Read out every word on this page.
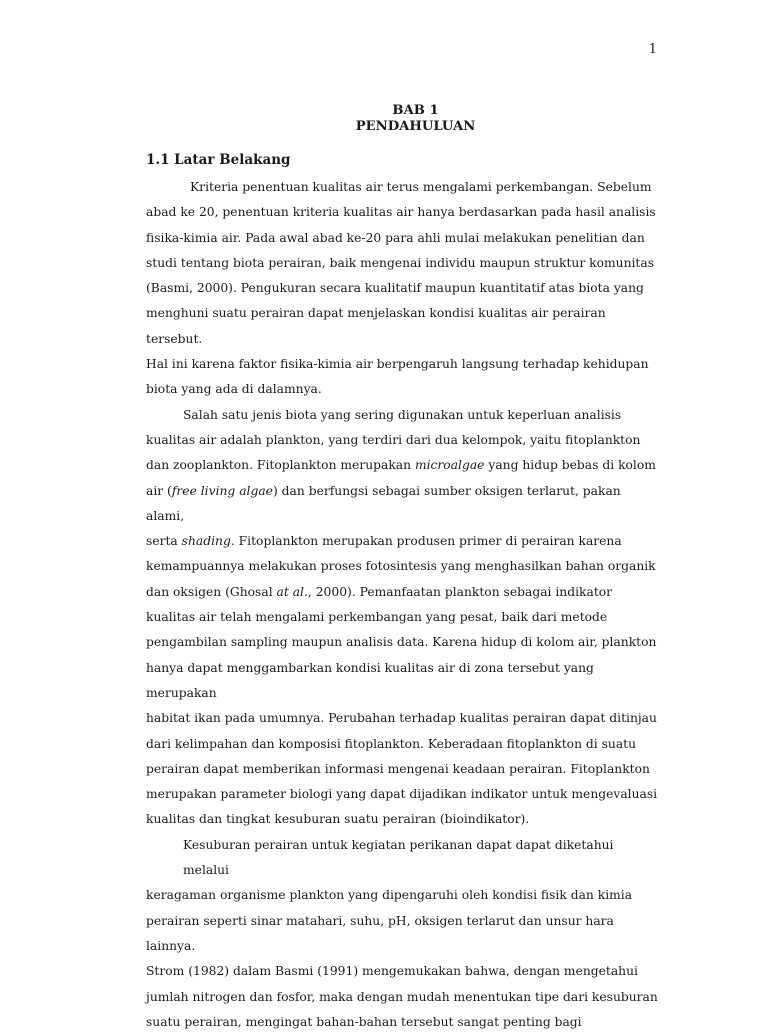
1
BAB 1
PENDAHULUAN
1.1 Latar Belakang
Kriteria penentuan kualitas air terus mengalami perkembangan. Sebelum
abad ke 20, penentuan kriteria kualitas air hanya berdasarkan pada hasil analisis
fisika-kimia air. Pada awal abad ke-20 para ahli mulai melakukan penelitian dan
studi tentang biota perairan, baik mengenai individu maupun struktur komunitas
(Basmi, 2000). Pengukuran secara kualitatif maupun kuantitatif atas biota yang
menghuni suatu perairan dapat menjelaskan kondisi kualitas air perairan tersebut.
Hal ini karena faktor fisika-kimia air berpengaruh langsung terhadap kehidupan
biota yang ada di dalamnya.
Salah satu jenis biota yang sering digunakan untuk keperluan analisis
kualitas air adalah plankton, yang terdiri dari dua kelompok, yaitu fitoplankton
dan zooplankton. Fitoplankton merupakan microalgae yang hidup bebas di kolom
air (free living algae) dan berfungsi sebagai sumber oksigen terlarut, pakan alami,
serta shading. Fitoplankton merupakan produsen primer di perairan karena
kemampuannya melakukan proses fotosintesis yang menghasilkan bahan organik
dan oksigen (Ghosal at al., 2000). Pemanfaatan plankton sebagai indikator
kualitas air telah mengalami perkembangan yang pesat, baik dari metode
pengambilan sampling maupun analisis data. Karena hidup di kolom air, plankton
hanya dapat menggambarkan kondisi kualitas air di zona tersebut yang merupakan
habitat ikan pada umumnya. Perubahan terhadap kualitas perairan dapat ditinjau
dari kelimpahan dan komposisi fitoplankton. Keberadaan fitoplankton di suatu
perairan dapat memberikan informasi mengenai keadaan perairan. Fitoplankton
merupakan parameter biologi yang dapat dijadikan indikator untuk mengevaluasi
kualitas dan tingkat kesuburan suatu perairan (bioindikator).
Kesuburan perairan untuk kegiatan perikanan dapat dapat diketahui melalui
keragaman organisme plankton yang dipengaruhi oleh kondisi fisik dan kimia
perairan seperti sinar matahari, suhu, pH, oksigen terlarut dan unsur hara lainnya.
Strom (1982) dalam Basmi (1991) mengemukakan bahwa, dengan mengetahui
jumlah nitrogen dan fosfor, maka dengan mudah menentukan tipe dari kesuburan
suatu perairan, mengingat bahan-bahan tersebut sangat penting bagi
